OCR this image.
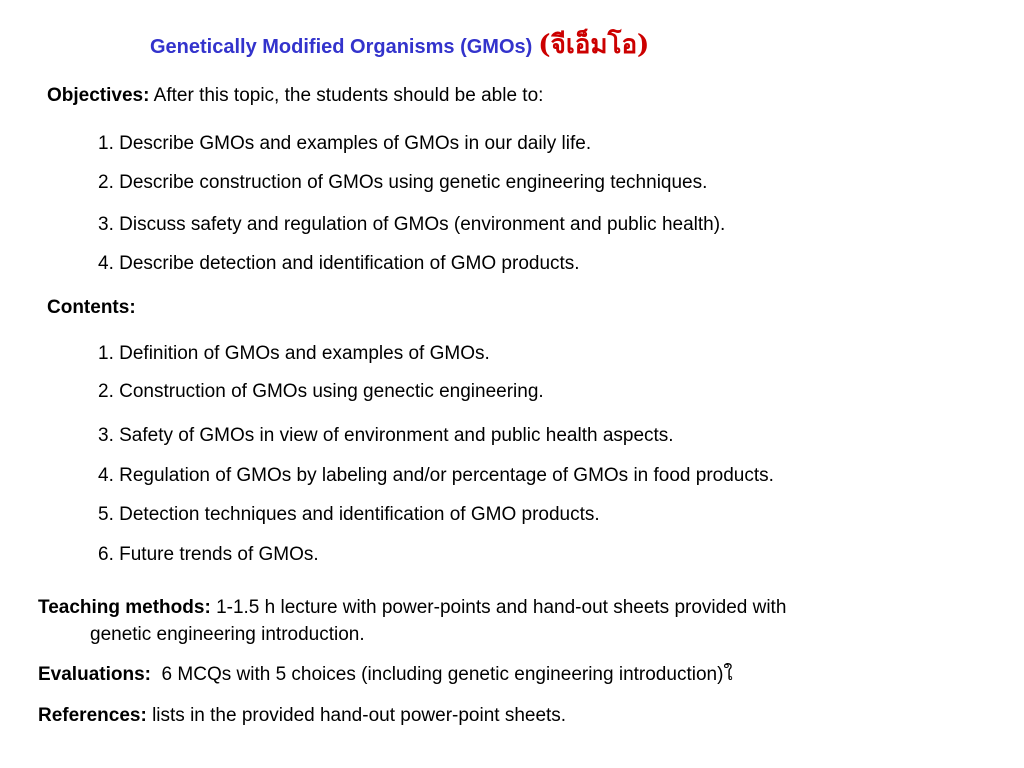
Genetically Modified Organisms (GMOs) (จีเอ็มโอ)
Objectives: After this topic, the students should be able to:
1. Describe GMOs and examples of GMOs in our daily life.
2. Describe construction of GMOs using genetic engineering techniques.
3. Discuss safety and regulation of GMOs (environment and public health).
4. Describe detection and identification of GMO products.
Contents:
1. Definition of GMOs and examples of GMOs.
2. Construction of GMOs using genectic engineering.
3. Safety of GMOs in view of environment and public health aspects.
4. Regulation of GMOs by labeling and/or percentage of GMOs in food products.
5. Detection techniques and identification of GMO products.
6. Future trends of GMOs.
Teaching methods: 1-1.5 h lecture with power-points and hand-out sheets provided with
genetic engineering introduction.
Evaluations: 6 MCQs with 5 choices (including genetic engineering introduction)ใ
References: lists in the provided hand-out power-point sheets.
